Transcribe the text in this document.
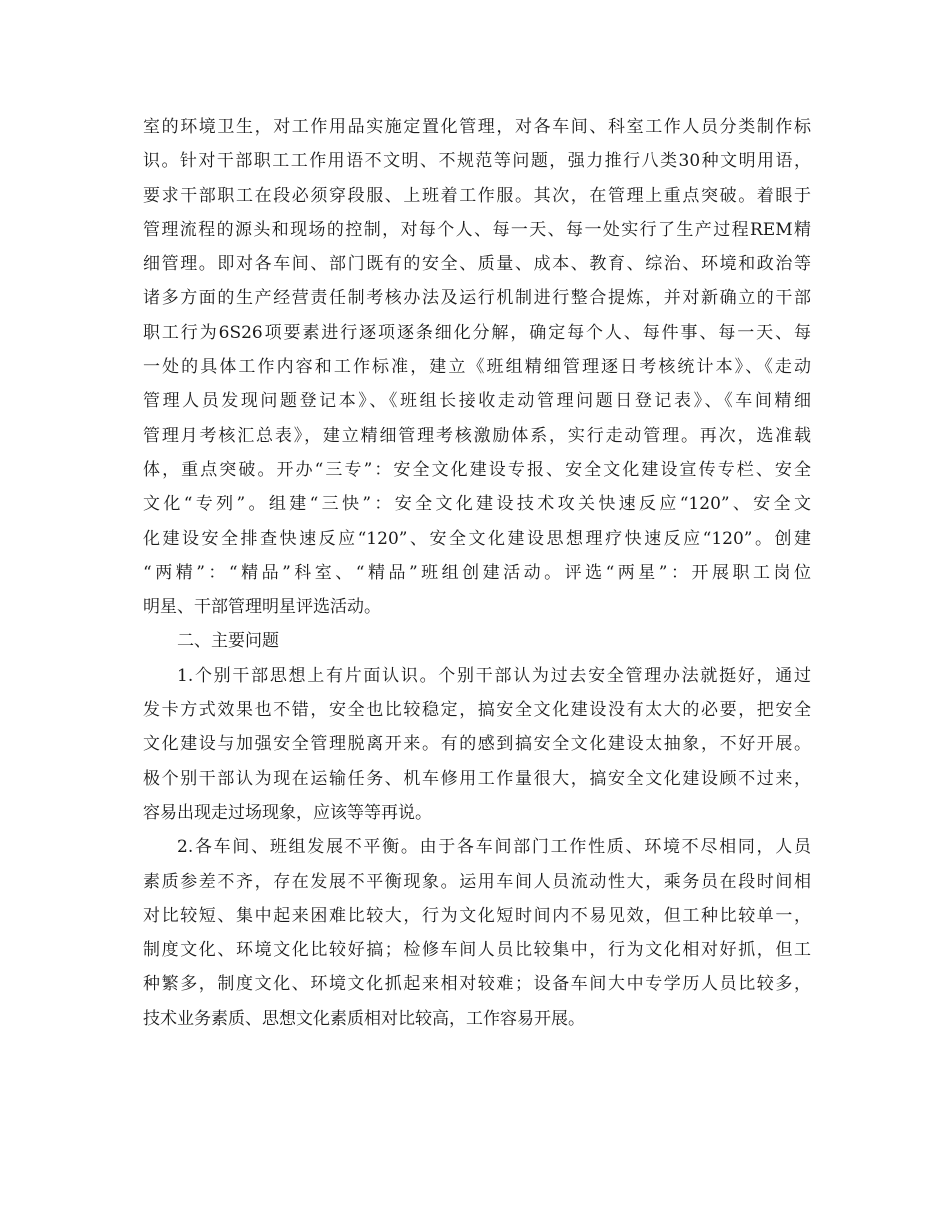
室的环境卫生，对工作用品实施定置化管理，对各车间、科室工作人员分类制作标
识。针对干部职工工作用语不文明、不规范等问题，强力推行八类30种文明用语，
要求干部职工在段必须穿段服、上班着工作服。其次，在管理上重点突破。着眼于
管理流程的源头和现场的控制，对每个人、每一天、每一处实行了生产过程REM精
细管理。即对各车间、部门既有的安全、质量、成本、教育、综治、环境和政治等
诸多方面的生产经营责任制考核办法及运行机制进行整合提炼，并对新确立的干部
职工行为6S26项要素进行逐项逐条细化分解，确定每个人、每件事、每一天、每
一处的具体工作内容和工作标准，建立《班组精细管理逐日考核统计本》、《走动
管理人员发现问题登记本》、《班组长接收走动管理问题日登记表》、《车间精细
管理月考核汇总表》，建立精细管理考核激励体系，实行走动管理。再次，选准载
体，重点突破。开办“三专”：安全文化建设专报、安全文化建设宣传专栏、安全
文化“专列”。组建“三快”：安全文化建设技术攻关快速反应“120”、安全文
化建设安全排查快速反应“120”、安全文化建设思想理疗快速反应“120”。创建
“两精”：“精品”科室、“精品”班组创建活动。评选“两星”：开展职工岗位
明星、干部管理明星评选活动。
二、主要问题
1.个别干部思想上有片面认识。个别干部认为过去安全管理办法就挺好，通过
发卡方式效果也不错，安全也比较稳定，搞安全文化建设没有太大的必要，把安全
文化建设与加强安全管理脱离开来。有的感到搞安全文化建设太抽象，不好开展。
极个别干部认为现在运输任务、机车修用工作量很大，搞安全文化建设顾不过来，
容易出现走过场现象，应该等等再说。
2.各车间、班组发展不平衡。由于各车间部门工作性质、环境不尽相同，人员
素质参差不齐，存在发展不平衡现象。运用车间人员流动性大，乘务员在段时间相
对比较短、集中起来困难比较大，行为文化短时间内不易见效，但工种比较单一，
制度文化、环境文化比较好搞；检修车间人员比较集中，行为文化相对好抓，但工
种繁多，制度文化、环境文化抓起来相对较难；设备车间大中专学历人员比较多，
技术业务素质、思想文化素质相对比较高，工作容易开展。
